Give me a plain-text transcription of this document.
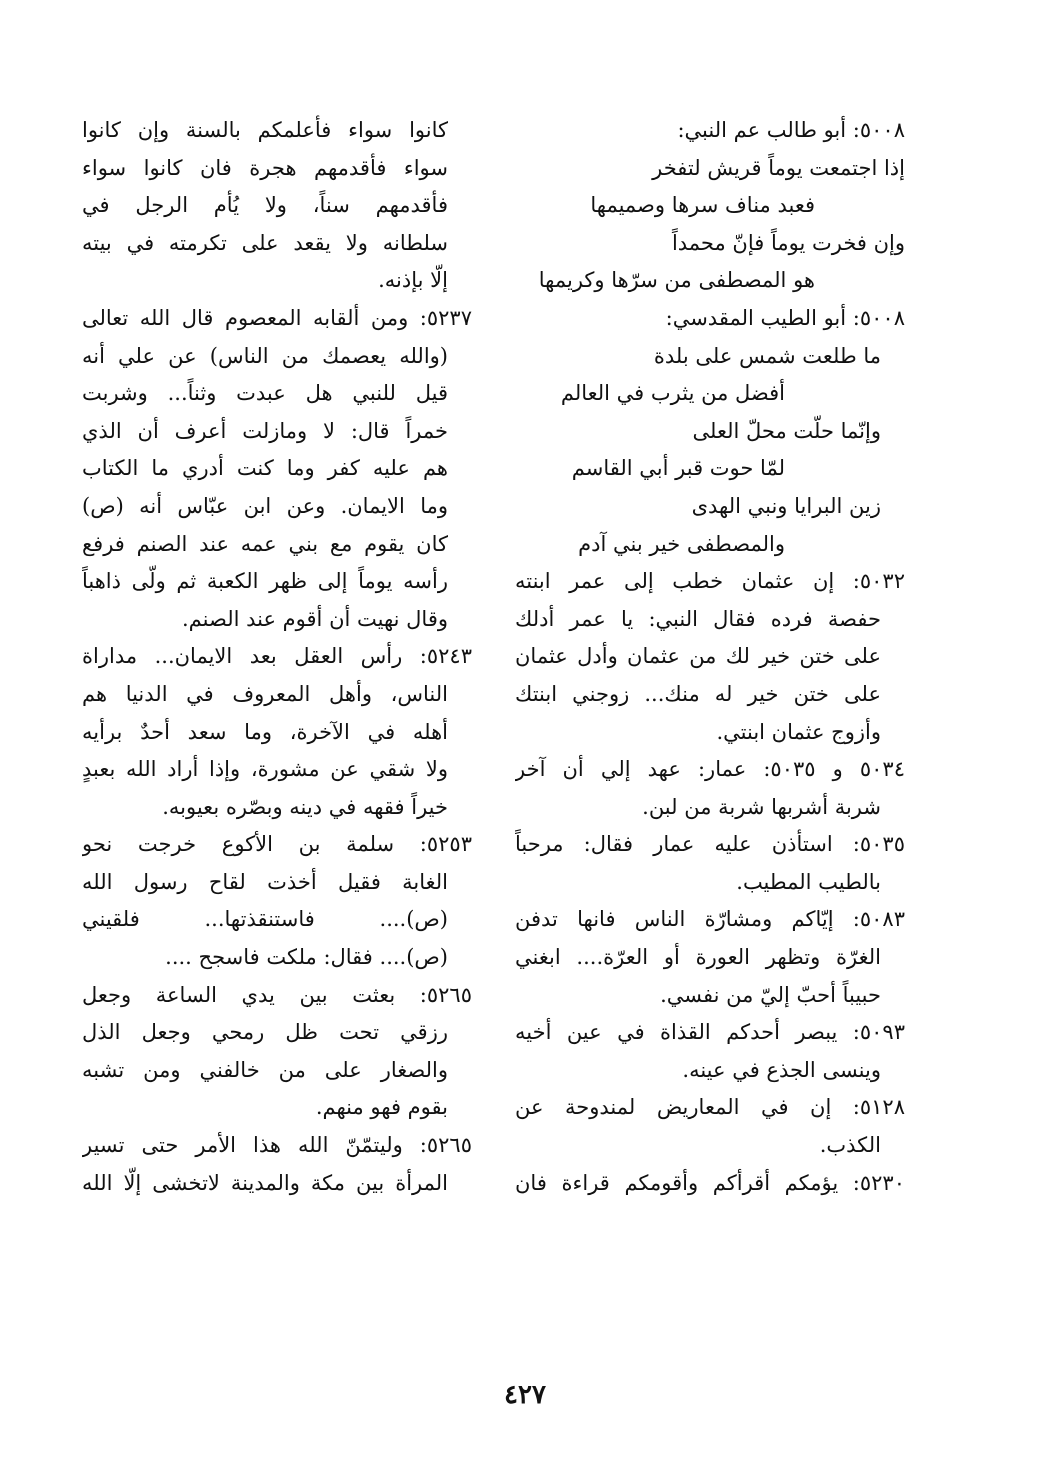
٥٠٠٨: أبو طالب عم النبي:
إذا اجتمعت يوماً قريش لتفخر
فعبد مناف سرها وصميمها
وإن فخرت يوماً فإنّ محمداً
هو المصطفى من سرّها وكريمها
٥٠٠٨: أبو الطيب المقدسي:
ما طلعت شمس على بلدة
أفضل من يثرب في العالم
وإنّما حلّت محلّ العلى
لمّا حوت قبر أبي القاسم
زين البرايا ونبي الهدى
والمصطفى خير بني آدم
٥٠٣٢: إن عثمان خطب إلى عمر ابنته
حفصة فرده فقال النبي: يا عمر أدلك
على ختن خير لك من عثمان وأدل عثمان
على ختن خير له منك... زوجني ابنتك
وأزوج عثمان ابنتي.
٥٠٣٤ و ٥٠٣٥: عمار: عهد إلي أن آخر
شربة أشربها شربة من لبن.
٥٠٣٥: استأذن عليه عمار فقال: مرحباً
بالطيب المطيب.
٥٠٨٣: إيّاكم ومشارّة الناس فانها تدفن
الغرّة وتظهر العورة أو العرّة.... ابغني
حبيباً أحبّ إليّ من نفسي.
٥٠٩٣: يبصر أحدكم القذاة في عين أخيه
وينسى الجذع في عينه.
٥١٢٨: إن في المعاريض لمندوحة عن
الكذب.
٥٢٣٠: يؤمكم أقرأكم وأقومكم قراءة فان
كانوا سواء فأعلمكم بالسنة وإن كانوا
سواء فأقدمهم هجرة فان كانوا سواء
فأقدمهم سناً، ولا يُأم الرجل في
سلطانه ولا يقعد على تكرمته في بيته
إلّا بإذنه.
٥٢٣٧: ومن ألقابه المعصوم قال الله تعالى
(والله يعصمك من الناس) عن علي أنه
قيل للنبي هل عبدت وثناً... وشربت
خمراً قال: لا ومازلت أعرف أن الذي
هم عليه كفر وما كنت أدري ما الكتاب
وما الايمان. وعن ابن عبّاس أنه (ص)
كان يقوم مع بني عمه عند الصنم فرفع
رأسه يوماً إلى ظهر الكعبة ثم ولّى ذاهباً
وقال نهيت أن أقوم عند الصنم.
٥٢٤٣: رأس العقل بعد الايمان... مداراة
الناس، وأهل المعروف في الدنيا هم
أهله في الآخرة، وما سعد أحدٌ برأيه
ولا شقي عن مشورة، وإذا أراد الله بعبدٍ
خيراً فقهه في دينه وبصّره بعيوبه.
٥٢٥٣: سلمة بن الأكوع خرجت نحو
الغابة فقيل أخذت لقاح رسول الله
(ص).... فاستنقذتها... فلقيني
(ص).... فقال: ملكت فاسجح ....
٥٢٦٥: بعثت بين يدي الساعة وجعل
رزقي تحت ظل رمحي وجعل الذل
والصغار على من خالفني ومن تشبه
بقوم فهو منهم.
٥٢٦٥: وليتمّنّ الله هذا الأمر حتى تسير
المرأة بين مكة والمدينة لاتخشى إلّا الله
٤٢٧
